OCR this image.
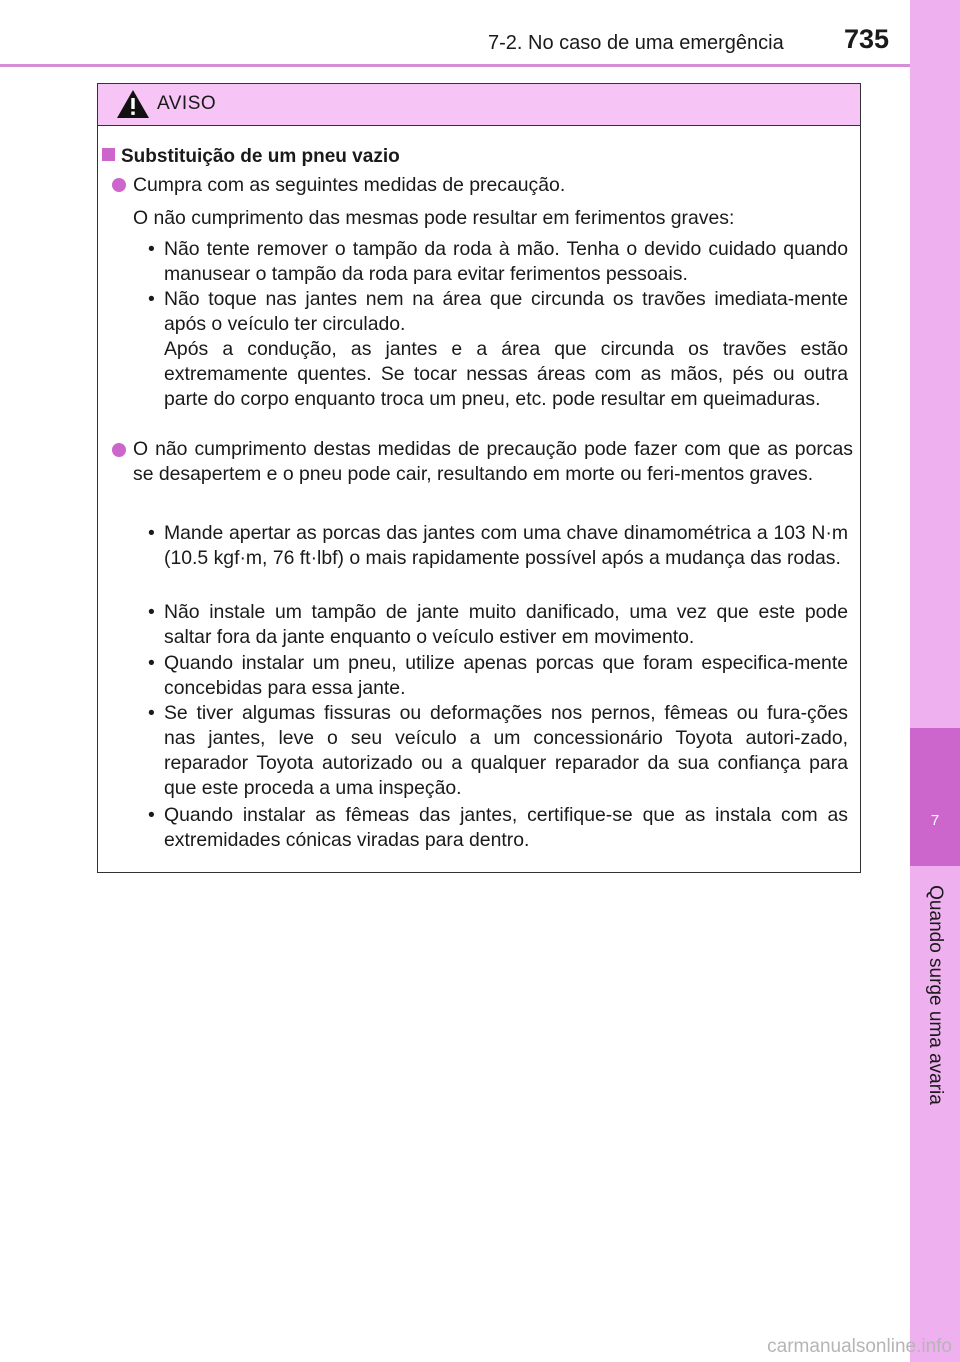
7-2. No caso de uma emergência 735
7
Quando surge uma avaria
AVISO
Substituição de um pneu vazio
Cumpra com as seguintes medidas de precaução.
O não cumprimento das mesmas pode resultar em ferimentos graves:
• Não tente remover o tampão da roda à mão. Tenha o devido cuidado quando manusear o tampão da roda para evitar ferimentos pessoais.
• Não toque nas jantes nem na área que circunda os travões imediata-mente após o veículo ter circulado.
Após a condução, as jantes e a área que circunda os travões estão extremamente quentes. Se tocar nessas áreas com as mãos, pés ou outra parte do corpo enquanto troca um pneu, etc. pode resultar em queimaduras.
O não cumprimento destas medidas de precaução pode fazer com que as porcas se desapertem e o pneu pode cair, resultando em morte ou feri-mentos graves.
• Mande apertar as porcas das jantes com uma chave dinamométrica a 103 N·m (10.5 kgf·m, 76 ft·lbf) o mais rapidamente possível após a mudança das rodas.
• Não instale um tampão de jante muito danificado, uma vez que este pode saltar fora da jante enquanto o veículo estiver em movimento.
• Quando instalar um pneu, utilize apenas porcas que foram especifica-mente concebidas para essa jante.
• Se tiver algumas fissuras ou deformações nos pernos, fêmeas ou fura-ções nas jantes, leve o seu veículo a um concessionário Toyota autori-zado, reparador Toyota autorizado ou a qualquer reparador da sua confiança para que este proceda a uma inspeção.
• Quando instalar as fêmeas das jantes, certifique-se que as instala com as extremidades cónicas viradas para dentro.
carmanualsonline.info
